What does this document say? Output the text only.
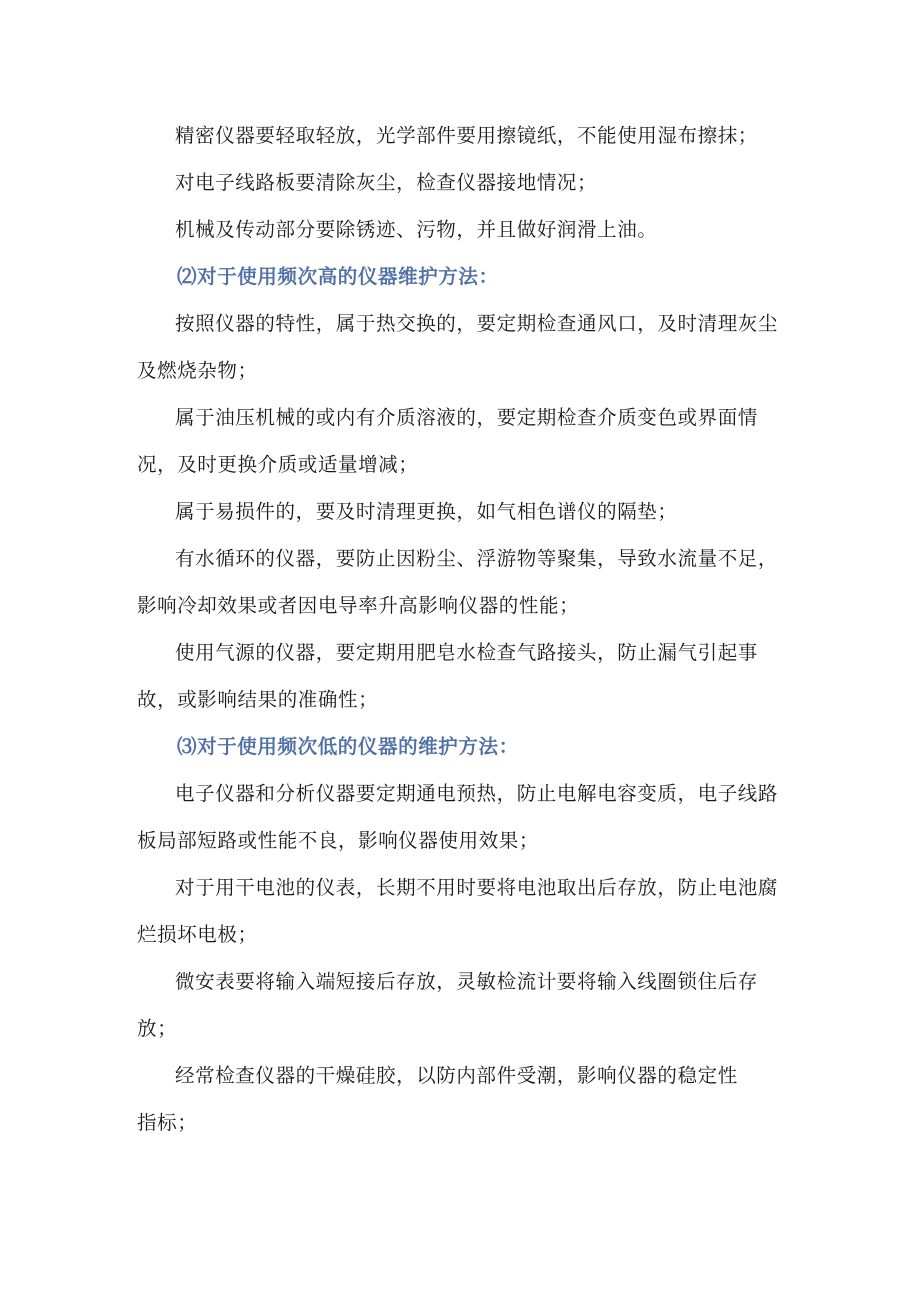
精密仪器要轻取轻放，光学部件要用擦镜纸，不能使用湿布擦抹；

对电子线路板要清除灰尘，检查仪器接地情况；

机械及传动部分要除锈迹、污物，并且做好润滑上油。

⑵对于使用频次高的仪器维护方法：

按照仪器的特性，属于热交换的，要定期检查通风口，及时清理灰尘及燃烧杂物；

属于油压机械的或内有介质溶液的，要定期检查介质变色或界面情况，及时更换介质或适量增减；

属于易损件的，要及时清理更换，如气相色谱仪的隔垫；

有水循环的仪器，要防止因粉尘、浮游物等聚集，导致水流量不足，影响冷却效果或者因电导率升高影响仪器的性能；

使用气源的仪器，要定期用肥皂水检查气路接头，防止漏气引起事故，或影响结果的准确性；

⑶对于使用频次低的仪器的维护方法：

电子仪器和分析仪器要定期通电预热，防止电解电容变质，电子线路板局部短路或性能不良，影响仪器使用效果；

对于用干电池的仪表，长期不用时要将电池取出后存放，防止电池腐烂损坏电极；

微安表要将输入端短接后存放，灵敏检流计要将输入线圈锁住后存放；

经常检查仪器的干燥硅胶，以防内部件受潮，影响仪器的稳定性指标；
